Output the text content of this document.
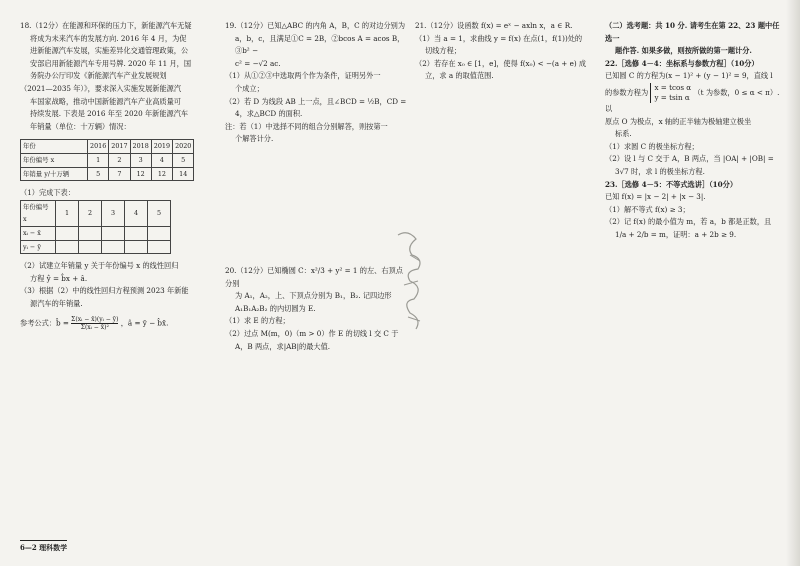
18.（12分）在能源和环保的压力下，新能源汽车无疑

将成为未来汽车的发展方向. 2016 年 4 月，为促

进新能源汽车发展，实施差异化交通管理政策，公

安部启用新能源汽车专用号牌. 2020 年 11 月，国

务院办公厅印发《新能源汽车产业发展规划

（2021—2035 年）》，要求深入实施发展新能源汽

车国家战略，推动中国新能源汽车产业高质量可

持续发展. 下表是 2016 年至 2020 年新能源汽车

年销量（单位：十万辆）情况：

年份	2016	2017	2018	2019	2020
年份编号 x	1	2	3	4	5
年销量 y/十万辆	5	7	12	12	14

（1）完成下表：

年份编号 x	1	2	3	4	5
xᵢ − x̄					
yᵢ − ȳ					

（2）试建立年销量 y 关于年份编号 x 的线性回归

方程 ŷ = b̂x + â.

（3）根据（2）中的线性回归方程预测 2023 年新能

源汽车的年销量.

参考公式：b̂ = $\frac{\text{Σ(xᵢ − x̄)(yᵢ − ȳ)}}{\text{Σ(xᵢ − x̄)²}}$ ，â = ȳ − b̂x̄.

19.（12分）已知△ABC 的内角 A，B，C 的对边分别为

a，b，c，且满足①C = 2B，②bcos A = acos B，③b² −

c² = −√2 ac.

（1）从①②③中选取两个作为条件，证明另外一

个成立；

（2）若 D 为线段 AB 上一点，且∠BCD = ½B，CD =

4，求△BCD 的面积.

注：若（1）中选择不同的组合分别解答，则按第一

个解答计分.

20.（12分）已知椭圆 C：x²/3 + y² = 1 的左、右顶点分别

为 A₁，A₂，上、下顶点分别为 B₁，B₂. 记四边形

A₁B₁A₂B₂ 的内切圆为 E.

（1）求 E 的方程；

（2）过点 M(m，0)（m > 0）作 E 的切线 l 交 C 于

A，B 两点，求|AB|的最大值.

21.（12分）设函数 f(x) = eˣ − axln x，a ∈ R.

（1）当 a = 1，求曲线 y = f(x) 在点(1，f(1))处的

切线方程；

（2）若存在 x₀ ∈ [1，e]，使得 f(x₀) < −(a + e) 成

立，求 a 的取值范围.

（二）选考题：共 10 分. 请考生在第 22、23 题中任选一

题作答. 如果多做，则按所做的第一题计分.

22.［选修 4－4：坐标系与参数方程］（10分）

已知圆 C 的方程为(x − 1)² + (y − 1)² = 9，直线 l

的参数方程为
x = tcos α
y = tsin α
（t 为参数，0 ≤ α < π）. 以

原点 O 为极点，x 轴的正半轴为极轴建立极坐

标系.

（1）求圆 C 的极坐标方程；

（2）设 l 与 C 交于 A，B 两点，当 |OA| + |OB| =

3√7 时，求 l 的极坐标方程.

23.［选修 4－5：不等式选讲］（10分）

已知 f(x) = |x − 2| + |x − 3|.

（1）解不等式 f(x) ≥ 3；

（2）记 f(x) 的最小值为 m，若 a，b 都是正数，且

1/a + 2/b = m，证明：a + 2b ≥ 9.

6—2 理科数学
